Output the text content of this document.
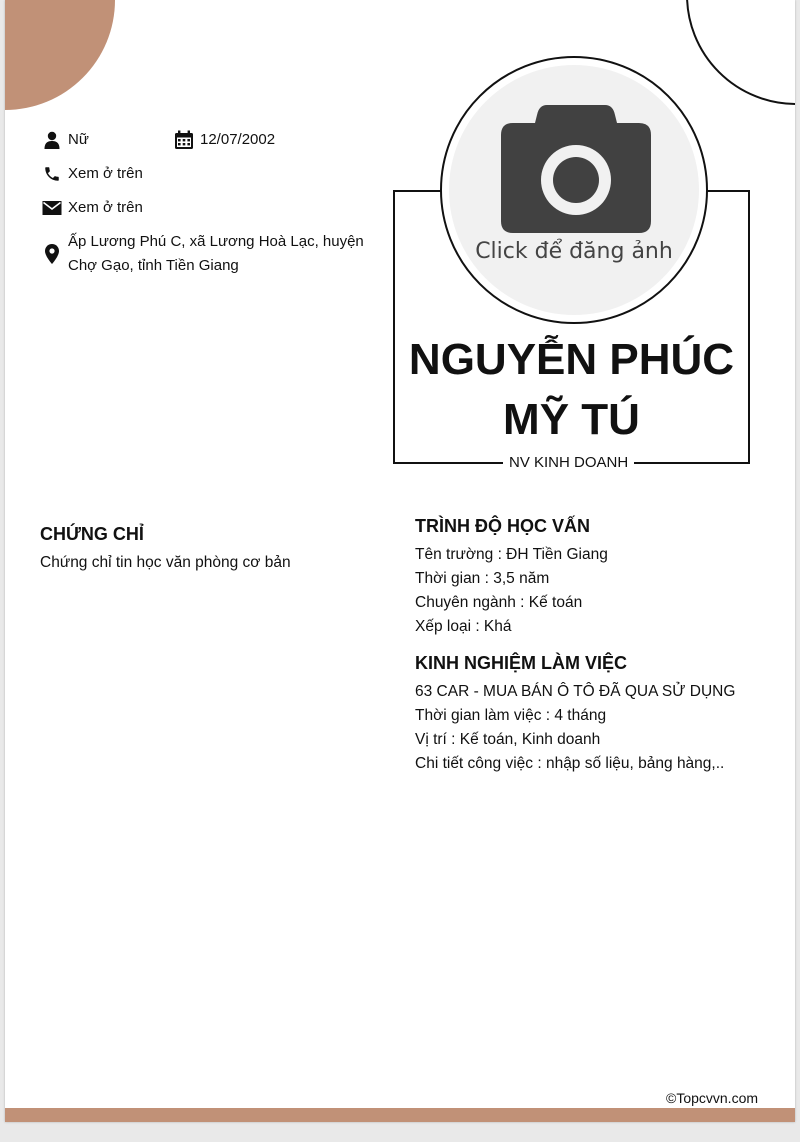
Nữ	12/07/2002
Xem ở trên
Xem ở trên
Ấp Lương Phú C, xã Lương Hoà Lạc, huyện
Chợ Gạo, tỉnh Tiền Giang
NGUYỄN PHÚC
MỸ TÚ
NV KINH DOANH
Click để đăng ảnh
CHỨNG CHỈ
Chứng chỉ tin học văn phòng cơ bản
TRÌNH ĐỘ HỌC VẤN
Tên trường : ĐH Tiền Giang
Thời gian : 3,5 năm
Chuyên ngành : Kế toán
Xếp loại : Khá
KINH NGHIỆM LÀM VIỆC
63 CAR - MUA BÁN Ô TÔ ĐÃ QUA SỬ DỤNG
Thời gian làm việc : 4 tháng
Vị trí : Kế toán, Kinh doanh
Chi tiết công việc : nhập số liệu, bảng hàng,..
©Topcvvn.com
